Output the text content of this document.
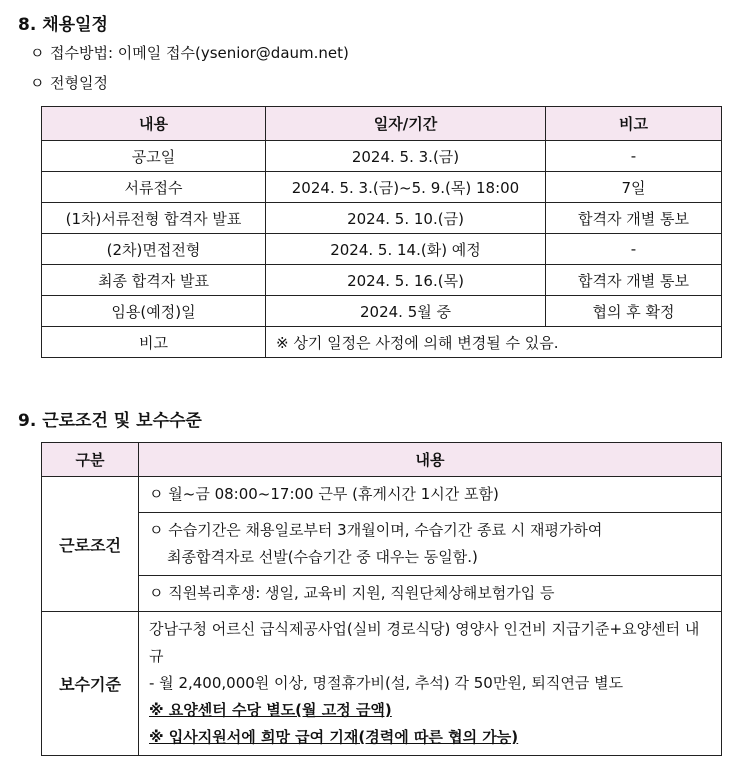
8. 채용일정
ㅇ 접수방법: 이메일 접수(ysenior@daum.net)
ㅇ 전형일정
내용	일자/기간	비고
공고일	2024. 5. 3.(금)	-
서류접수	2024. 5. 3.(금)~5. 9.(목) 18:00	7일
(1차)서류전형 합격자 발표	2024. 5. 10.(금)	합격자 개별 통보
(2차)면접전형	2024. 5. 14.(화) 예정	-
최종 합격자 발표	2024. 5. 16.(목)	합격자 개별 통보
임용(예정)일	2024. 5월 중	협의 후 확정
비고	※ 상기 일정은 사정에 의해 변경될 수 있음.	
9. 근로조건 및 보수수준
구분	내용
근로조건	ㅇ 월~금 08:00~17:00 근무 (휴게시간 1시간 포함)

	ㅇ 수습기간은 채용일로부터 3개월이며, 수습기간 종료 시 재평가하여
최종합격자로 선발(수습기간 중 대우는 동일함.)

	ㅇ 직원복리후생: 생일, 교육비 지원, 직원단체상해보험가입 등
보수기준	강남구청 어르신 급식제공사업(실비 경로식당) 영양사 인건비 지급기준+요양센터 내규
- 월 2,400,000원 이상, 명절휴가비(설, 추석) 각 50만원, 퇴직연금 별도
※ 요양센터 수당 별도(월 고정 금액)
※ 입사지원서에 희망 급여 기재(경력에 따른 협의 가능)
